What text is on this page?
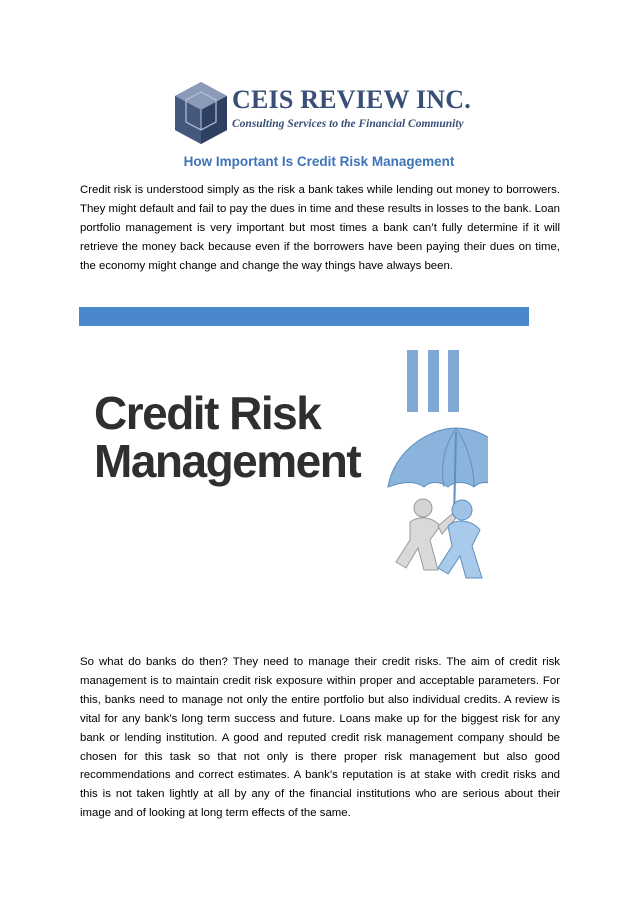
CEIS REVIEW INC.
Consulting Services to the Financial Community
How Important Is Credit Risk Management

Credit risk is understood simply as the risk a bank takes while lending out money to borrowers. They might default and fail to pay the dues in time and these results in losses to the bank. Loan portfolio management is very important but most times a bank can’t fully determine if it will retrieve the money back because even if the borrowers have been paying their dues on time, the economy might change and change the way things have always been.

Credit Risk
Management

So what do banks do then? They need to manage their credit risks. The aim of credit risk management is to maintain credit risk exposure within proper and acceptable parameters. For this, banks need to manage not only the entire portfolio but also individual credits. A review is vital for any bank’s long term success and future. Loans make up for the biggest risk for any bank or lending institution. A good and reputed credit risk management company should be chosen for this task so that not only is there proper risk management but also good recommendations and correct estimates. A bank’s reputation is at stake with credit risks and this is not taken lightly at all by any of the financial institutions who are serious about their image and of looking at long term effects of the same.
